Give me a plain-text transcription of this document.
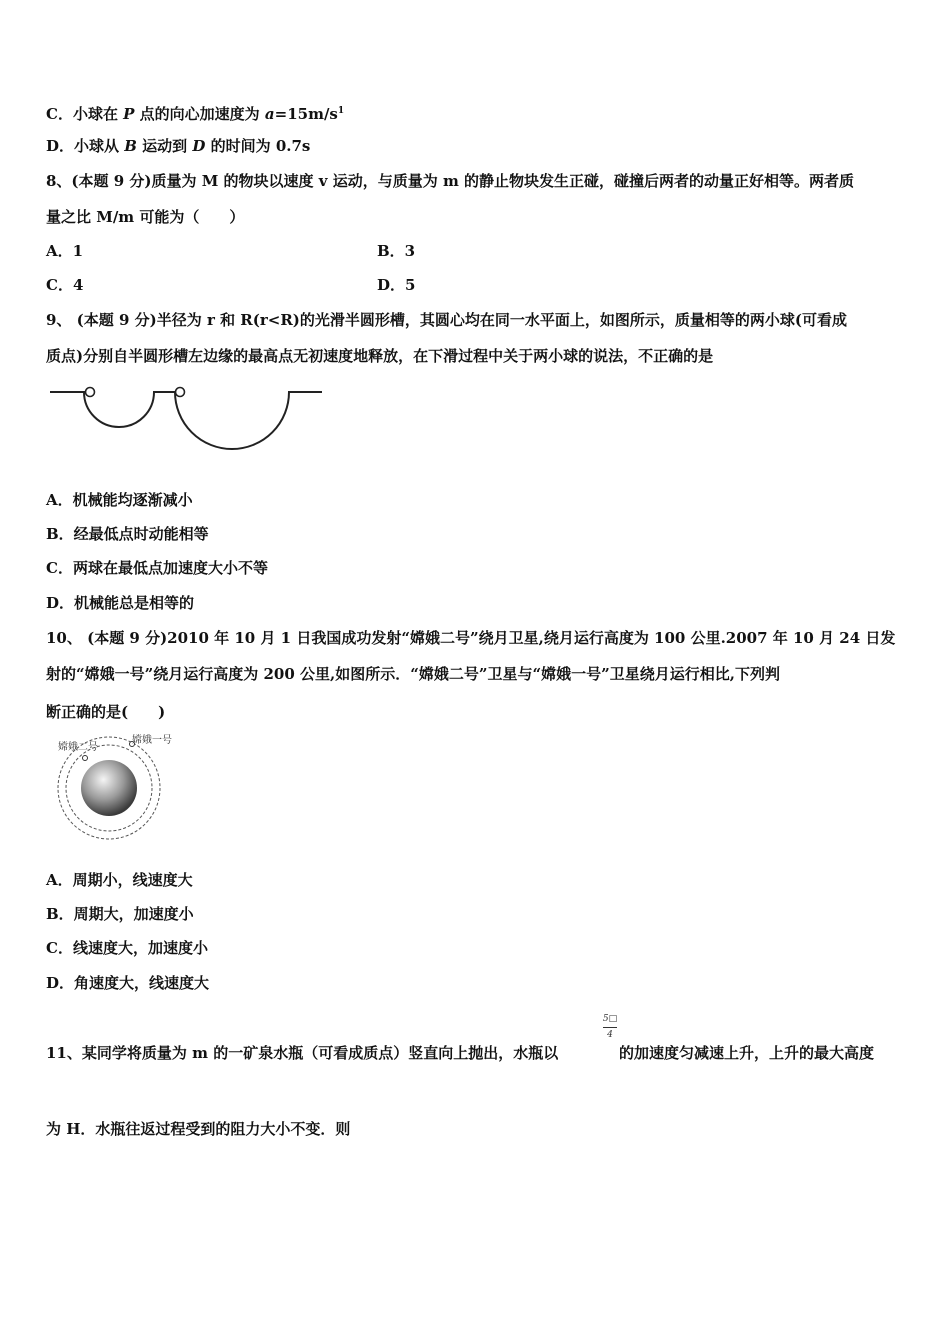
C．小球在 P 点的向心加速度为 $a=15m/s^1$
D．小球从 B 运动到 D 的时间为 0.7s
8、(本题 9 分)质量为 M 的物块以速度 v 运动，与质量为 m 的静止物块发生正碰，碰撞后两者的动量正好相等。两者质
量之比 M/m 可能为（　　）
A．1	B．3
C．4	D．5
9、 (本题 9 分)半径为 r 和 R(r<R)的光滑半圆形槽，其圆心均在同一水平面上，如图所示，质量相等的两小球(可看成
质点)分别自半圆形槽左边缘的最高点无初速度地释放，在下滑过程中关于两小球的说法，不正确的是
A．机械能均逐渐减小
B．经最低点时动能相等
C．两球在最低点加速度大小不等
D．机械能总是相等的
10、 (本题 9 分)2010 年 10 月 1 日我国成功发射“嫦娥二号”绕月卫星,绕月运行高度为 100 公里.2007 年 10 月 24 日发
射的“嫦娥一号”绕月运行高度为 200 公里,如图所示．“嫦娥二号”卫星与“嫦娥一号”卫星绕月运行相比,下列判
断正确的是(　　)
嫦娥二号
嫦娥一号
A．周期小，线速度大
B．周期大，加速度小
C．线速度大，加速度小
D．角速度大，线速度大
5□
4
11、某同学将质量为 m 的一矿泉水瓶（可看成质点）竖直向上抛出，水瓶以	的加速度匀减速上升，上升的最大高度
为 H．水瓶往返过程受到的阻力大小不变．则
